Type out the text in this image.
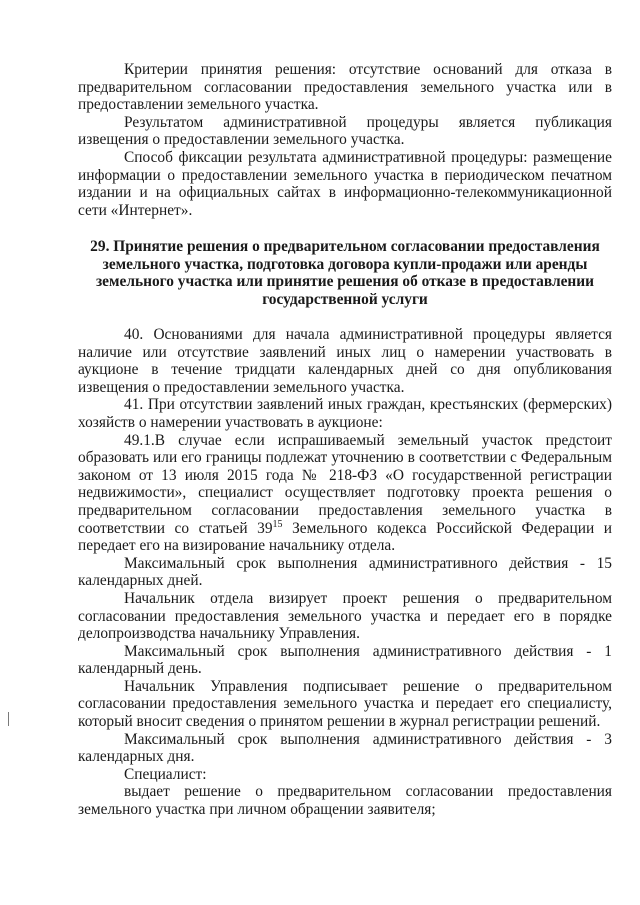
Критерии принятия решения: отсутствие оснований для отказа в предварительном согласовании предоставления земельного участка или в предоставлении земельного участка.

Результатом административной процедуры является публикация извещения о предоставлении земельного участка.

Способ фиксации результата административной процедуры: размещение информации о предоставлении земельного участка в периодическом печатном издании и на официальных сайтах в информационно-телекоммуникационной сети «Интернет».

29. Принятие решения о предварительном согласовании предоставления земельного участка, подготовка договора купли-продажи или аренды земельного участка или принятие решения об отказе в предоставлении государственной услуги

40. Основаниями для начала административной процедуры является наличие или отсутствие заявлений иных лиц о намерении участвовать в аукционе в течение тридцати календарных дней со дня опубликования извещения о предоставлении земельного участка.

41. При отсутствии заявлений иных граждан, крестьянских (фермерских) хозяйств о намерении участвовать в аукционе:

49.1.В случае если испрашиваемый земельный участок предстоит образовать или его границы подлежат уточнению в соответствии с Федеральным законом от 13 июля 2015 года № 218-ФЗ «О государственной регистрации недвижимости», специалист осуществляет подготовку проекта решения о предварительном согласовании предоставления земельного участка в соответствии со статьей $39^{15}$ Земельного кодекса Российской Федерации и передает его на визирование начальнику отдела.

Максимальный срок выполнения административного действия - 15 календарных дней.

Начальник отдела визирует проект решения о предварительном согласовании предоставления земельного участка и передает его в порядке делопроизводства начальнику Управления.

Максимальный срок выполнения административного действия - 1 календарный день.

Начальник Управления подписывает решение о предварительном согласовании предоставления земельного участка и передает его специалисту, который вносит сведения о принятом решении в журнал регистрации решений.

Максимальный срок выполнения административного действия - 3 календарных дня.

Специалист:

выдает решение о предварительном согласовании предоставления земельного участка при личном обращении заявителя;
